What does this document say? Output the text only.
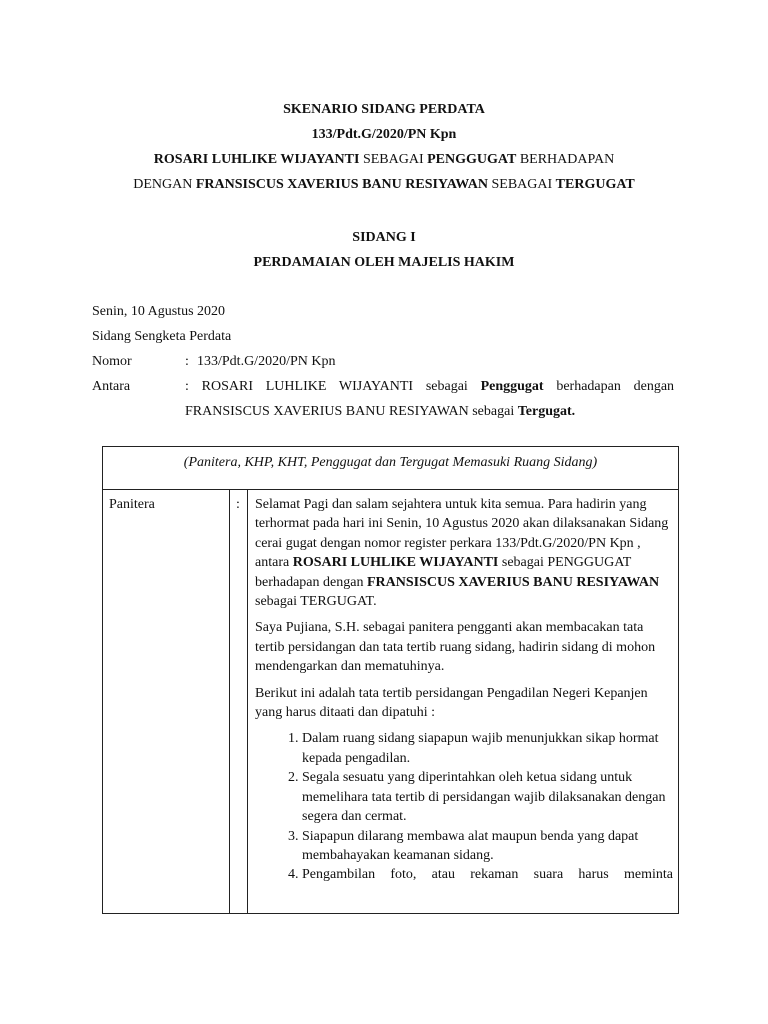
SKENARIO SIDANG PERDATA
133/Pdt.G/2020/PN Kpn
ROSARI LUHLIKE WIJAYANTI SEBAGAI PENGGUGAT BERHADAPAN
DENGAN FRANSISCUS XAVERIUS BANU RESIYAWAN SEBAGAI TERGUGAT
SIDANG I
PERDAMAIAN OLEH MAJELIS HAKIM
Senin, 10 Agustus 2020
Sidang Sengketa Perdata
Nomor	: 133/Pdt.G/2020/PN Kpn
Antara	: ROSARI LUHLIKE WIJAYANTI sebagai Penggugat berhadapan dengan
FRANSISCUS XAVERIUS BANU RESIYAWAN sebagai Tergugat.
(Panitera, KHP, KHT, Penggugat dan Tergugat Memasuki Ruang Sidang)
Panitera	: Selamat Pagi dan salam sejahtera untuk kita semua. Para hadirin yang terhormat pada hari ini Senin, 10 Agustus 2020 akan dilaksanakan Sidang cerai gugat dengan nomor register perkara 133/Pdt.G/2020/PN Kpn , antara ROSARI LUHLIKE WIJAYANTI sebagai PENGGUGAT berhadapan dengan FRANSISCUS XAVERIUS BANU RESIYAWAN sebagai TERGUGAT.

Saya Pujiana, S.H. sebagai panitera pengganti akan membacakan tata tertib persidangan dan tata tertib ruang sidang, hadirin sidang di mohon mendengarkan dan mematuhinya.

Berikut ini adalah tata tertib persidangan Pengadilan Negeri Kepanjen yang harus ditaati dan dipatuhi :

1. Dalam ruang sidang siapapun wajib menunjukkan sikap hormat kepada pengadilan.
2. Segala sesuatu yang diperintahkan oleh ketua sidang untuk memelihara tata tertib di persidangan wajib dilaksanakan dengan segera dan cermat.
3. Siapapun dilarang membawa alat maupun benda yang dapat membahayakan keamanan sidang.
4. Pengambilan foto, atau rekaman suara harus meminta
